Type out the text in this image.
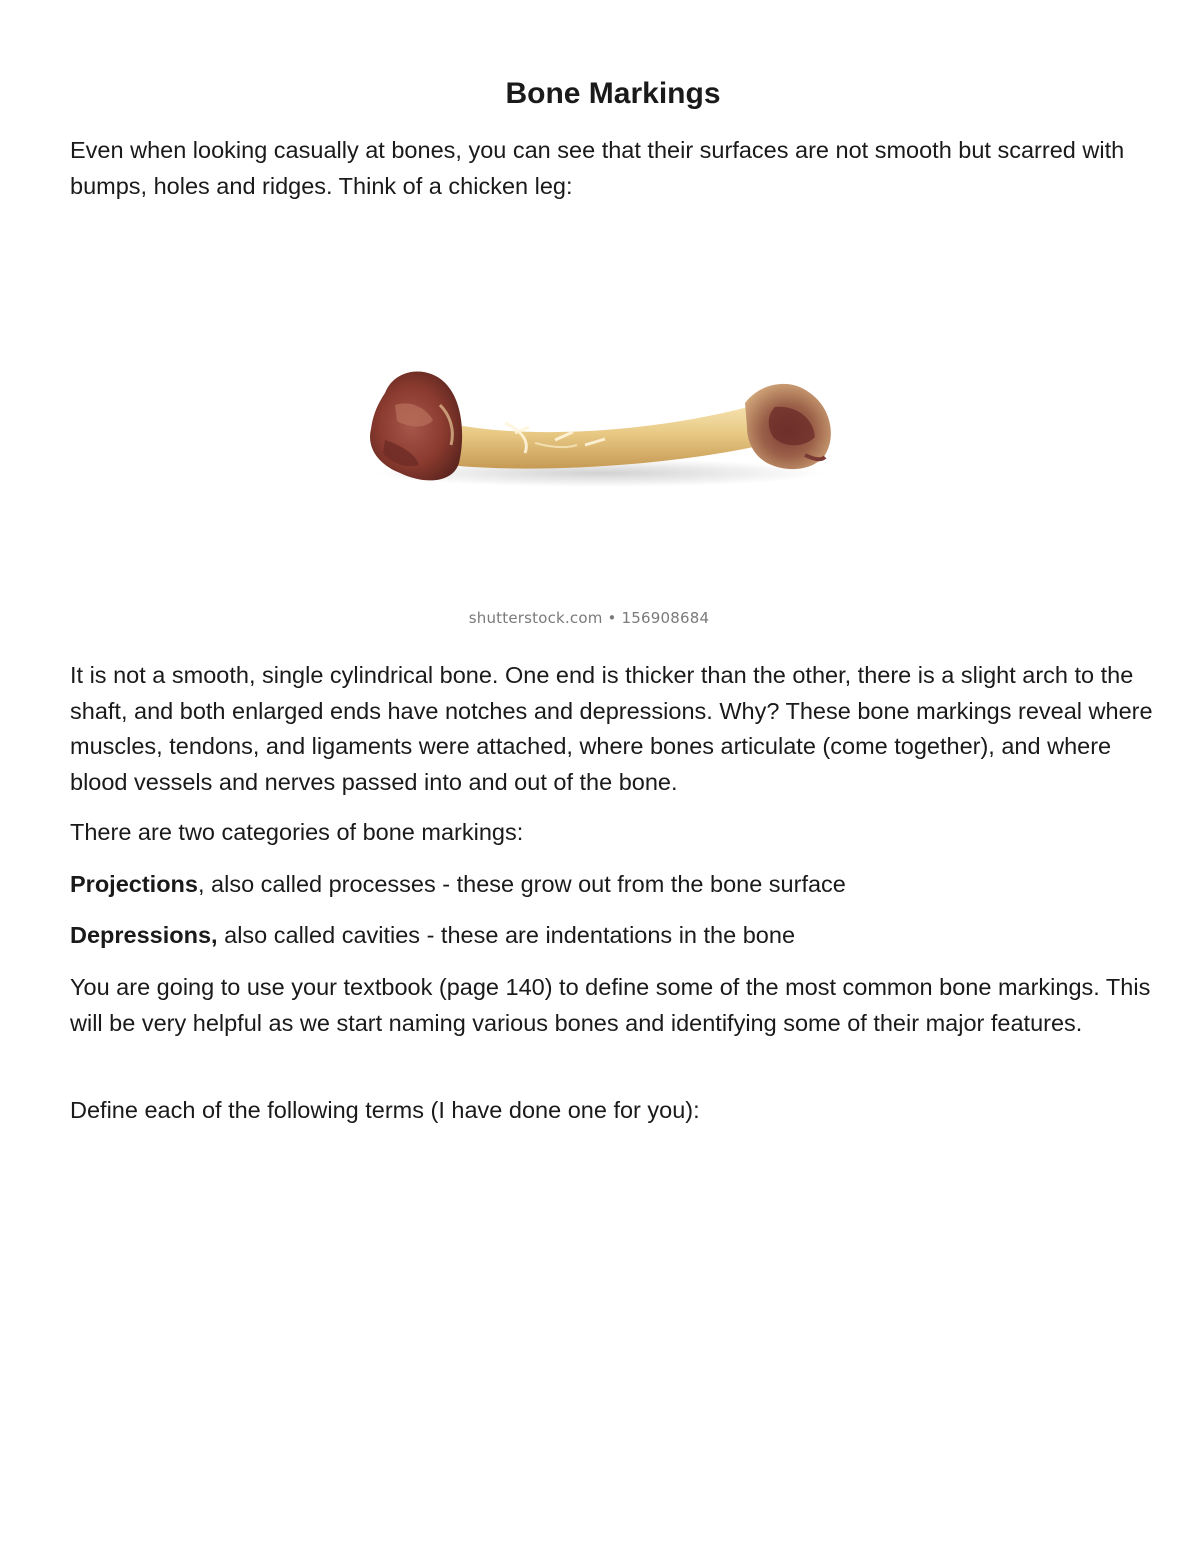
Bone Markings

Even when looking casually at bones, you can see that their surfaces are not smooth but scarred with bumps, holes and ridges. Think of a chicken leg:

shutterstock.com • 156908684

It is not a smooth, single cylindrical bone. One end is thicker than the other, there is a slight arch to the shaft, and both enlarged ends have notches and depressions. Why? These bone markings reveal where muscles, tendons, and ligaments were attached, where bones articulate (come together), and where blood vessels and nerves passed into and out of the bone.

There are two categories of bone markings:

Projections, also called processes - these grow out from the bone surface

Depressions, also called cavities - these are indentations in the bone

You are going to use your textbook (page 140) to define some of the most common bone markings. This will be very helpful as we start naming various bones and identifying some of their major features.

Define each of the following terms (I have done one for you):
